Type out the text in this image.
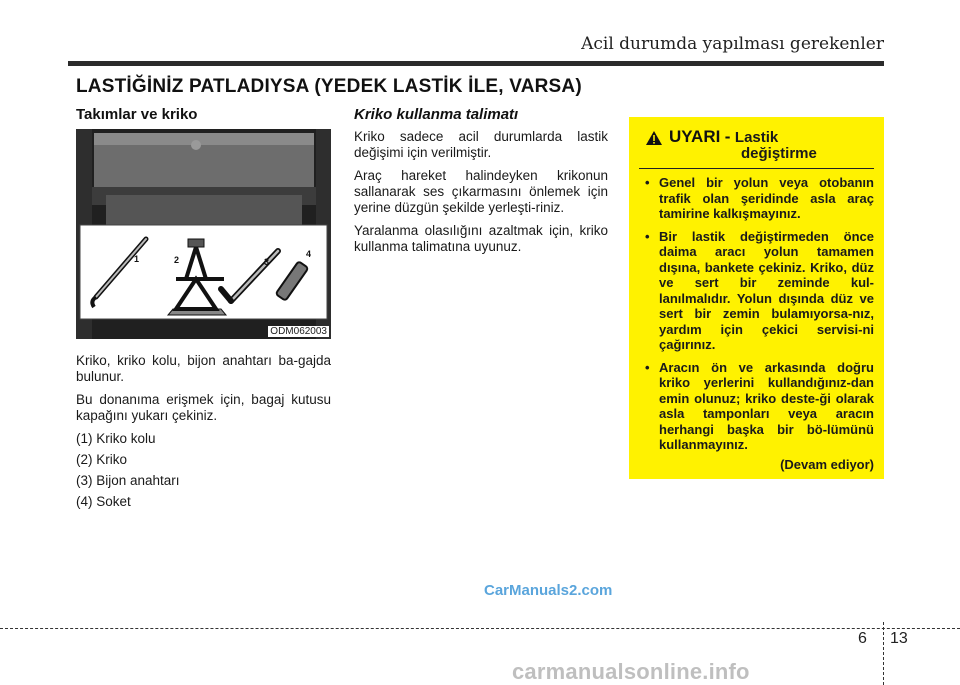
Acil durumda yapılması gerekenler
LASTİĞİNİZ PATLADIYSA (YEDEK LASTİK İLE, VARSA)
Takımlar ve kriko
1	2	3
4
ODM062003

Kriko, kriko kolu, bijon anahtarı ba-gajda bulunur.

Bu donanıma erişmek için, bagaj kutusu kapağını yukarı çekiniz.

(1) Kriko kolu
(2) Kriko
(3) Bijon anahtarı
(4) Soket
Kriko kullanma talimatı

Kriko sadece acil durumlarda lastik değişimi için verilmiştir.

Araç hareket halindeyken krikonun sallanarak ses çıkarmasını önlemek için yerine düzgün şekilde yerleşti-riniz.

Yaralanma olasılığını azaltmak için, kriko kullanma talimatına uyunuz.

UYARI - Lastik
değiştirme
• Genel bir yolun veya otobanın trafik olan şeridinde asla araç tamirine kalkışmayınız.
• Bir lastik değiştirmeden önce daima aracı yolun tamamen dışına, bankete çekiniz. Kriko, düz ve sert bir zeminde kul-lanılmalıdır. Yolun dışında düz ve sert bir zemin bulamıyorsa-nız, yardım için çekici servisi-ni çağırınız.
• Aracın ön ve arkasında doğru kriko yerlerini kullandığınız-dan emin olunuz; kriko deste-ği olarak asla tamponları veya aracın herhangi başka bir bö-lümünü kullanmayınız.
(Devam ediyor)
CarManuals2.com
6 13
carmanualsonline.info
